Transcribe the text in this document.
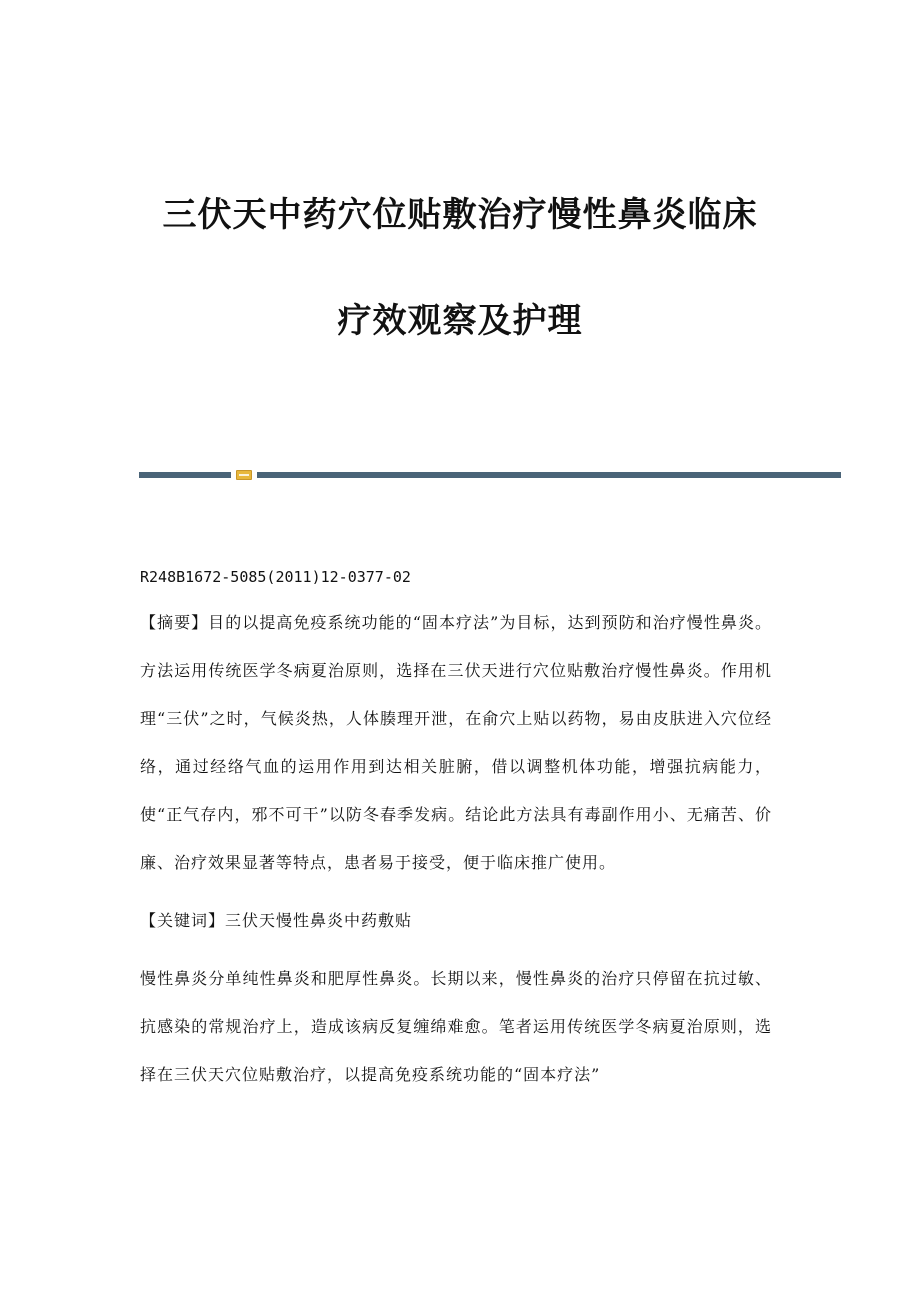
三伏天中药穴位贴敷治疗慢性鼻炎临床
疗效观察及护理

R248B1672-5085(2011)12-0377-02

【摘要】目的以提高免疫系统功能的“固本疗法”为目标，达到预防和治疗慢性鼻炎。方法运用传统医学冬病夏治原则，选择在三伏天进行穴位贴敷治疗慢性鼻炎。作用机理“三伏”之时，气候炎热，人体腠理开泄，在俞穴上贴以药物，易由皮肤进入穴位经络，通过经络气血的运用作用到达相关脏腑，借以调整机体功能，增强抗病能力，使“正气存内，邪不可干”以防冬春季发病。结论此方法具有毒副作用小、无痛苦、价廉、治疗效果显著等特点，患者易于接受，便于临床推广使用。

【关键词】三伏天慢性鼻炎中药敷贴

慢性鼻炎分单纯性鼻炎和肥厚性鼻炎。长期以来，慢性鼻炎的治疗只停留在抗过敏、抗感染的常规治疗上，造成该病反复缠绵难愈。笔者运用传统医学冬病夏治原则，选择在三伏天穴位贴敷治疗，以提高免疫系统功能的“固本疗法”
